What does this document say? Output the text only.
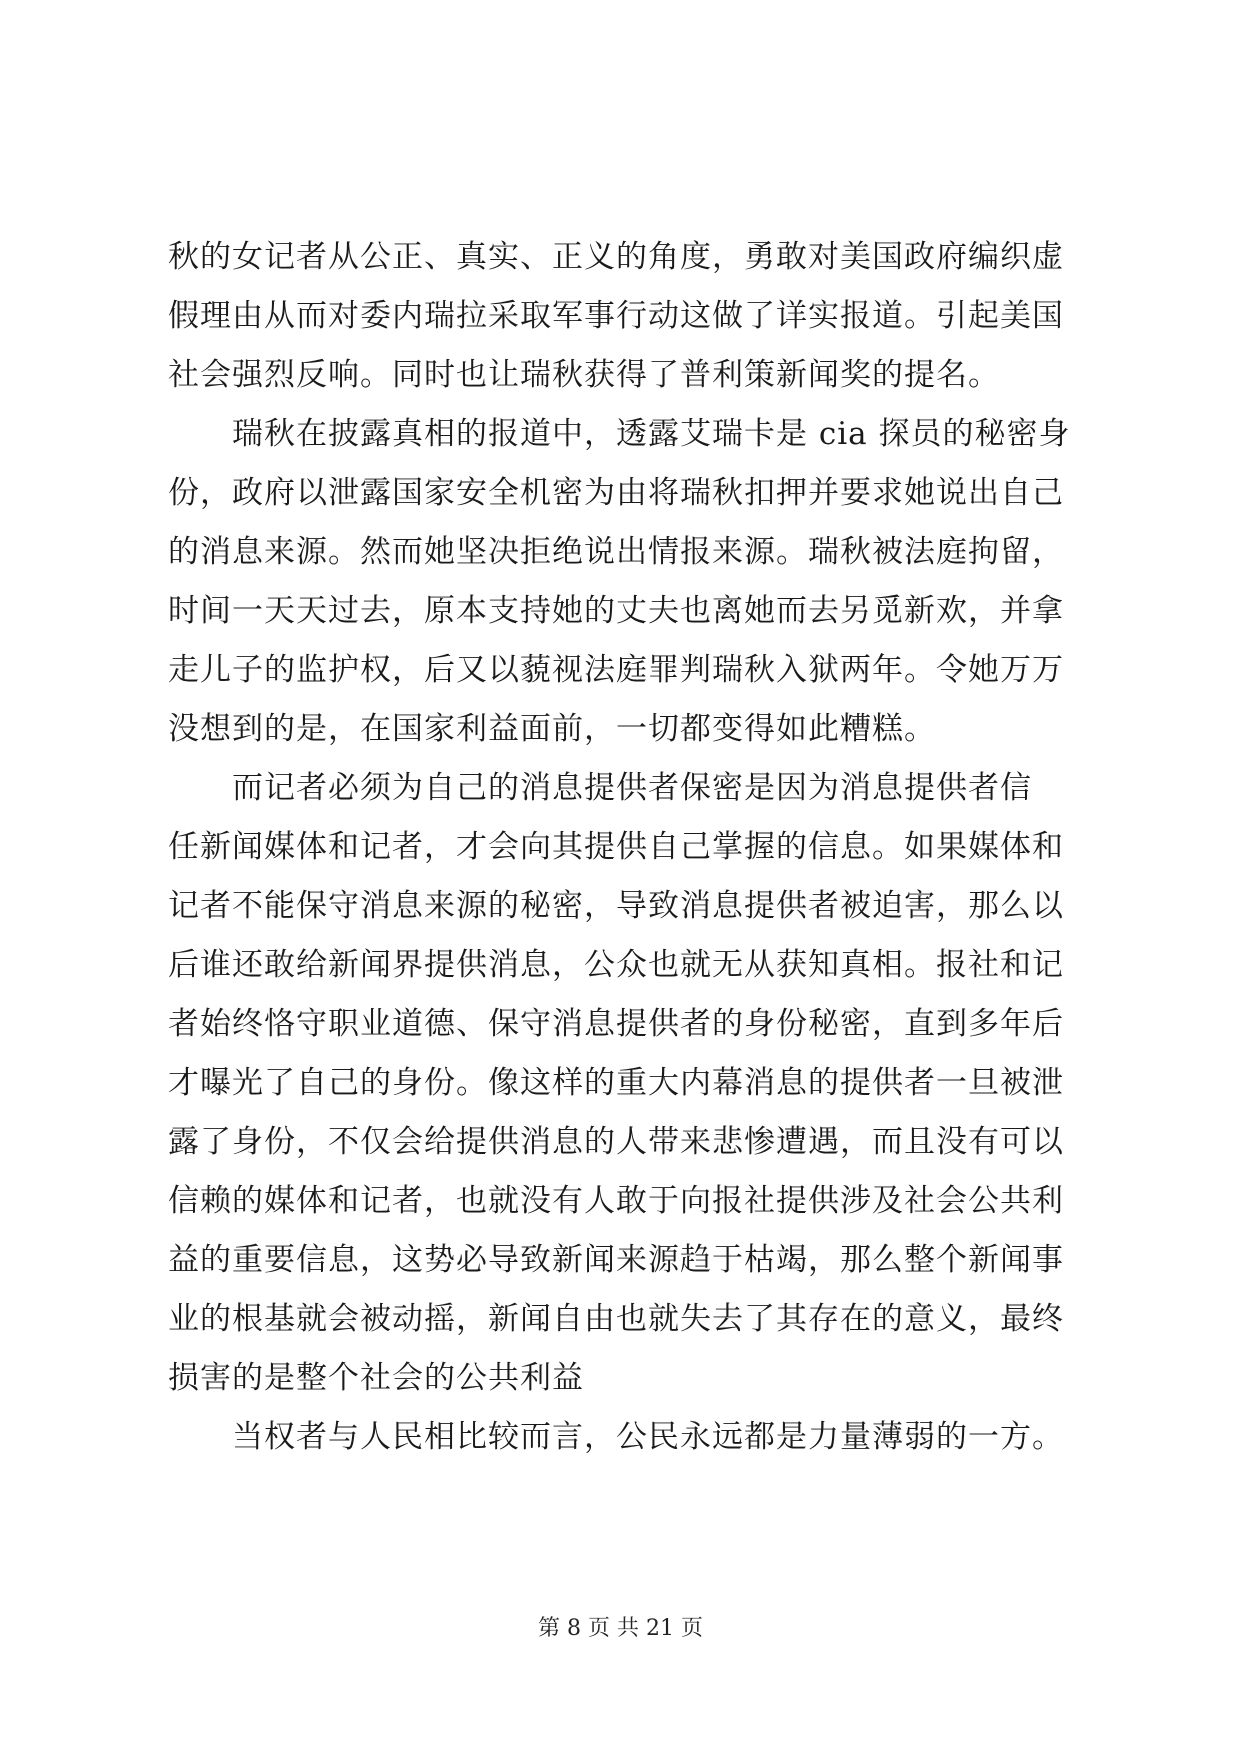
秋的女记者从公正、真实、正义的角度，勇敢对美国政府编织虚
假理由从而对委内瑞拉采取军事行动这做了详实报道。引起美国
社会强烈反响。同时也让瑞秋获得了普利策新闻奖的提名。
瑞秋在披露真相的报道中，透露艾瑞卡是 cia 探员的秘密身
份，政府以泄露国家安全机密为由将瑞秋扣押并要求她说出自己
的消息来源。然而她坚决拒绝说出情报来源。瑞秋被法庭拘留，
时间一天天过去，原本支持她的丈夫也离她而去另觅新欢，并拿
走儿子的监护权，后又以藐视法庭罪判瑞秋入狱两年。令她万万
没想到的是，在国家利益面前，一切都变得如此糟糕。
而记者必须为自己的消息提供者保密是因为消息提供者信
任新闻媒体和记者，才会向其提供自己掌握的信息。如果媒体和
记者不能保守消息来源的秘密，导致消息提供者被迫害，那么以
后谁还敢给新闻界提供消息，公众也就无从获知真相。报社和记
者始终恪守职业道德、保守消息提供者的身份秘密，直到多年后
才曝光了自己的身份。像这样的重大内幕消息的提供者一旦被泄
露了身份，不仅会给提供消息的人带来悲惨遭遇，而且没有可以
信赖的媒体和记者，也就没有人敢于向报社提供涉及社会公共利
益的重要信息，这势必导致新闻来源趋于枯竭，那么整个新闻事
业的根基就会被动摇，新闻自由也就失去了其存在的意义，最终
损害的是整个社会的公共利益
当权者与人民相比较而言，公民永远都是力量薄弱的一方。
第 8 页 共 21 页
